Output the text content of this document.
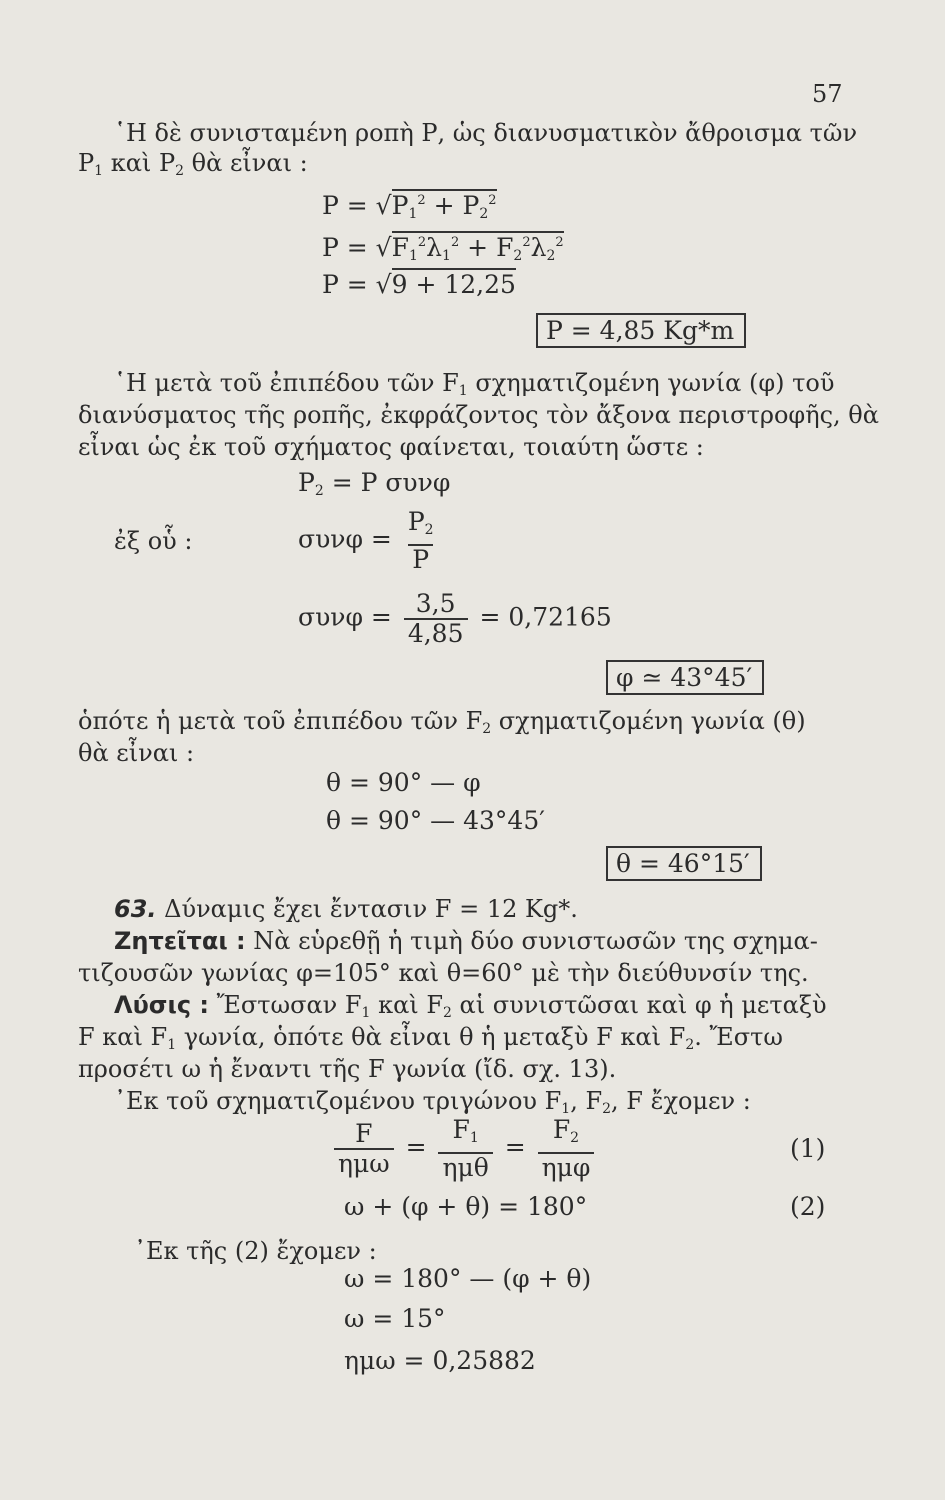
57
῾Η δὲ συνισταμένη ροπὴ Ρ, ὡς διανυσματικὸν ἄθροισμα τῶν
$P_1$ καὶ $P_2$ θὰ εἶναι :
$P = √P_1^2 + P_2^2$
$P = √F_1^2\lambda_1^2 + F_2^2\lambda_2^2$
P = √9 + 12,25
P = 4,85 Kg*m
῾Η μετὰ τοῦ ἐπιπέδου τῶν $F_1$ σχηματιζομένη γωνία (φ) τοῦ
διανύσματος τῆς ροπῆς, ἐκφράζοντος τὸν ἄξονα περιστροφῆς, θὰ
εἶναι ὡς ἐκ τοῦ σχήματος φαίνεται, τοιαύτη ὥστε :
$P_2 = P$ συνφ
ἐξ οὗ :	$\sigma\upsilon\nu\varphi = \frac{P_2}{P}$
$\sigma\upsilon\nu\varphi = \frac{3,5}{4,85} = 0,72165$
φ ≃ 43°45′
ὁπότε ἡ μετὰ τοῦ ἐπιπέδου τῶν $F_2$ σχηματιζομένη γωνία (θ)
θὰ εἶναι :
θ = 90° — φ
θ = 90° — 43°45′
θ = 46°15′
63. Δύναμις ἔχει ἔντασιν F = 12 Kg*.
Ζητεῖται : Νὰ εὑρεθῇ ἡ τιμὴ δύο συνιστωσῶν της σχημα-
τιζουσῶν γωνίας φ=105° καὶ θ=60° μὲ τὴν διεύθυνσίν της.
Λύσις : Ἔστωσαν $F_1$ καὶ $F_2$ αἱ συνιστῶσαι καὶ φ ἡ μεταξὺ
F καὶ $F_1$ γωνία, ὁπότε θὰ εἶναι θ ἡ μεταξὺ F καὶ $F_2$. Ἔστω
προσέτι ω ἡ ἔναντι τῆς F γωνία (ἴδ. σχ. 13).
᾿Εκ τοῦ σχηματιζομένου τριγώνου $F_1$, $F_2$, F ἔχομεν :
$\frac{F}{\text{ημω}} = \frac{F_1}{\text{ημθ}} = \frac{F_2}{\text{ημφ}}$	(1)
ω + (φ + θ) = 180°	(2)
᾿Εκ τῆς (2) ἔχομεν :
ω = 180° — (φ + θ)
ω = 15°
ημω = 0,25882
